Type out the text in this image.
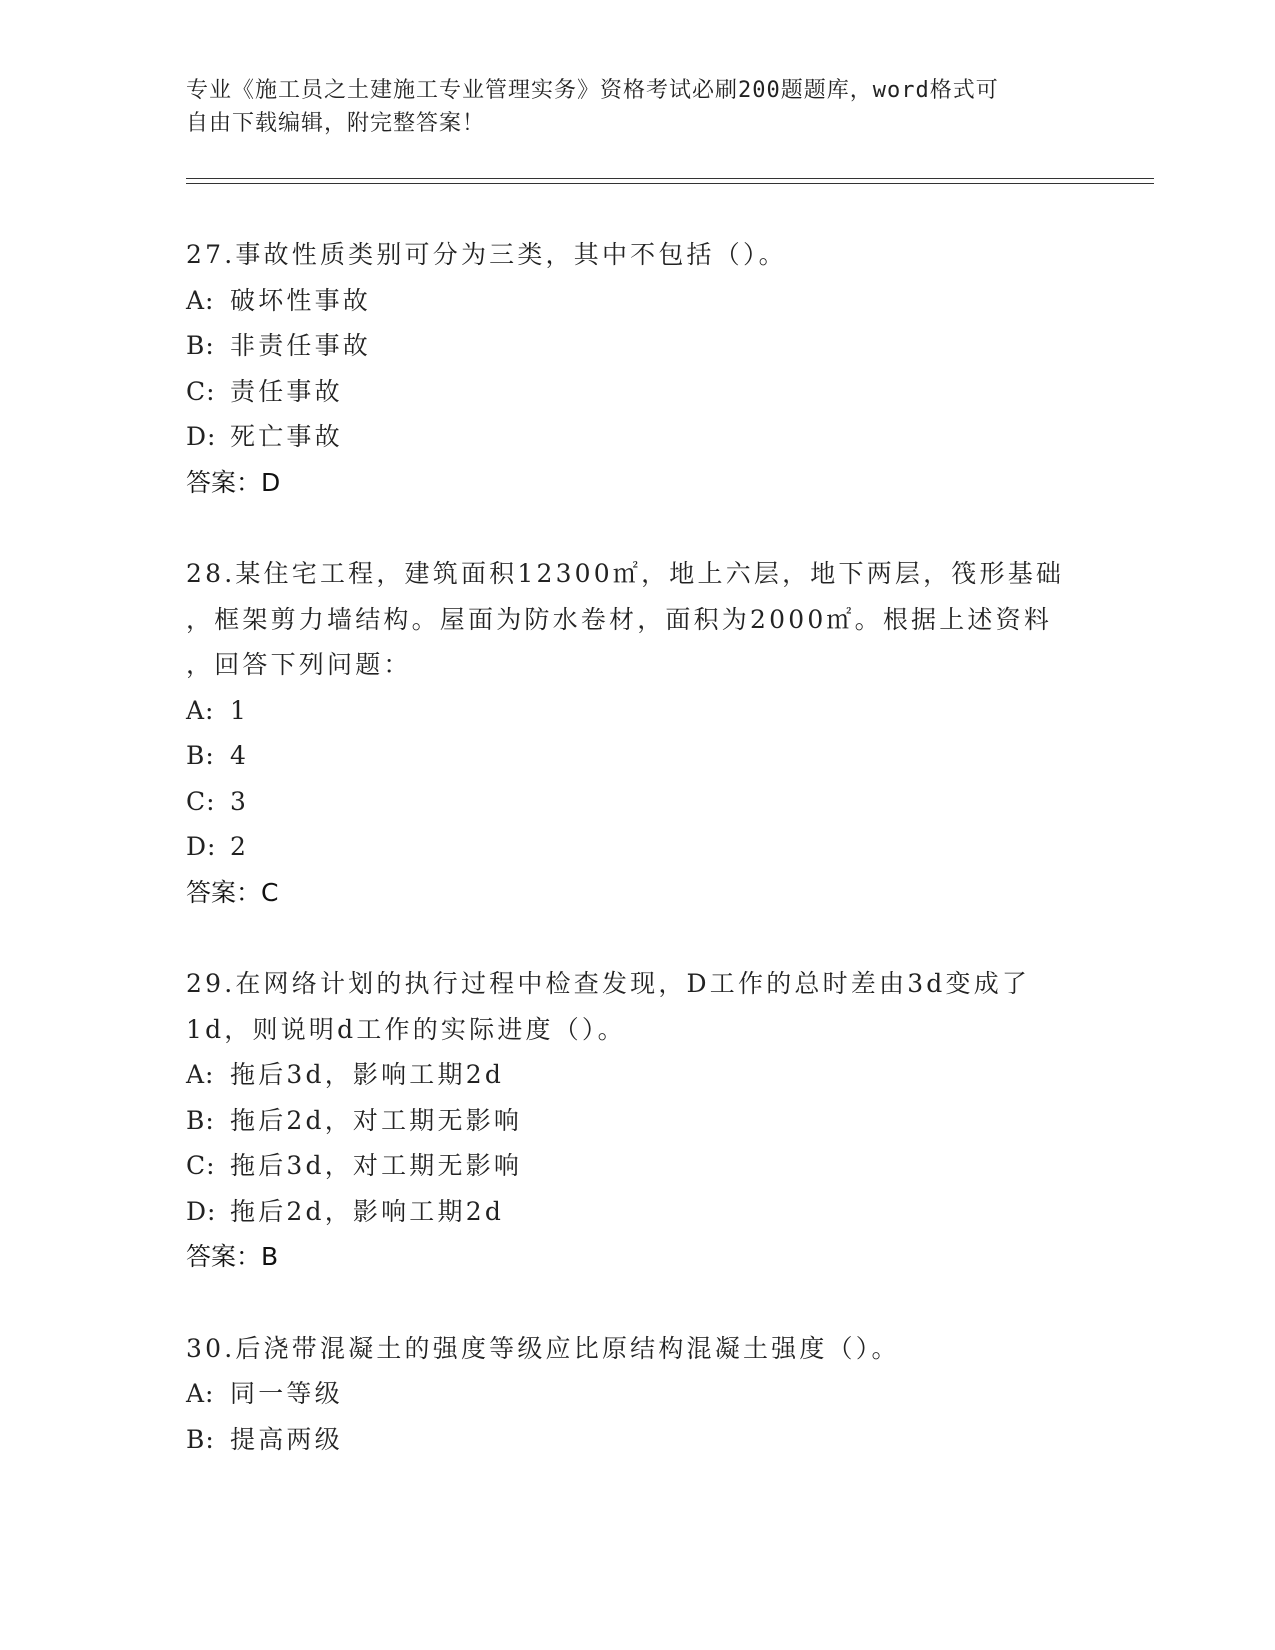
专业《施工员之土建施工专业管理实务》资格考试必刷200题题库，word格式可
自由下载编辑，附完整答案！
27.事故性质类别可分为三类，其中不包括（）。
A: 破坏性事故
B: 非责任事故
C: 责任事故
D: 死亡事故
答案：D
28.某住宅工程，建筑面积12300㎡，地上六层，地下两层，筏形基础
，框架剪力墙结构。屋面为防水卷材，面积为2000㎡。根据上述资料
，回答下列问题：
A: 1
B: 4
C: 3
D: 2
答案：C
29.在网络计划的执行过程中检查发现，D工作的总时差由3d变成了
1d，则说明d工作的实际进度（）。
A: 拖后3d，影响工期2d
B: 拖后2d，对工期无影响
C: 拖后3d，对工期无影响
D: 拖后2d，影响工期2d
答案：B
30.后浇带混凝土的强度等级应比原结构混凝土强度（）。
A: 同一等级
B: 提高两级
